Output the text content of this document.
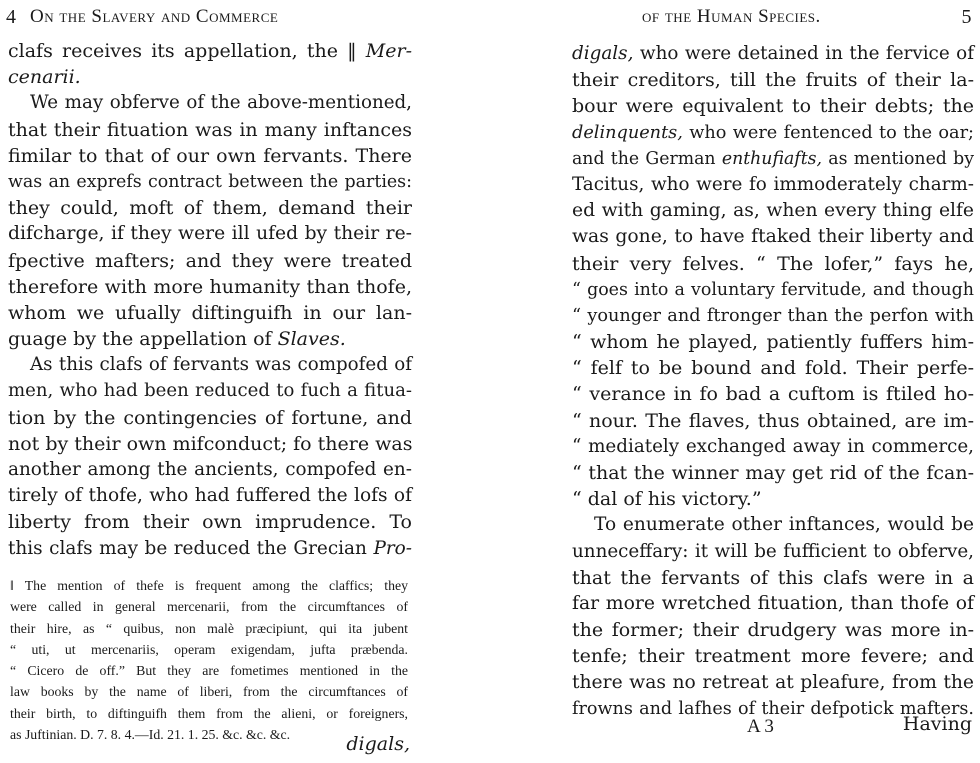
4 On the Slavery and Commerce
clafs receives its appellation, the ‖ Mer-
cenarii.
We may obferve of the above-mentioned,
that their fituation was in many inftances
fimilar to that of our own fervants. There
was an exprefs contract between the parties:
they could, moft of them, demand their
difcharge, if they were ill ufed by their re-
fpective mafters; and they were treated
therefore with more humanity than thofe,
whom we ufually diftinguifh in our lan-
guage by the appellation of Slaves.
As this clafs of fervants was compofed of
men, who had been reduced to fuch a fitua-
tion by the contingencies of fortune, and
not by their own mifconduct; fo there was
another among the ancients, compofed en-
tirely of thofe, who had fuffered the lofs of
liberty from their own imprudence. To
this clafs may be reduced the Grecian Pro-
‖ The mention of thefe is frequent among the claffics; they
were called in general mercenarii, from the circumftances of
their hire, as “ quibus, non malè præcipiunt, qui ita jubent
“ uti, ut mercenariis, operam exigendam, jufta præbenda.
“ Cicero de off.” But they are fometimes mentioned in the
law books by the name of liberi, from the circumftances of
their birth, to diftinguifh them from the alieni, or foreigners,
as Juftinian. D. 7. 8. 4.—Id. 21. 1. 25. &c. &c. &c.	digals,
of the Human Species.	5
digals, who were detained in the fervice of
their creditors, till the fruits of their la-
bour were equivalent to their debts; the
delinquents, who were fentenced to the oar;
and the German enthufiafts, as mentioned by
Tacitus, who were fo immoderately charm-
ed with gaming, as, when every thing elfe
was gone, to have ftaked their liberty and
their very felves. “ The lofer,” fays he,
“ goes into a voluntary fervitude, and though
“ younger and ftronger than the perfon with
“ whom he played, patiently fuffers him-
“ felf to be bound and fold. Their perfe-
“ verance in fo bad a cuftom is ftiled ho-
“ nour. The flaves, thus obtained, are im-
“ mediately exchanged away in commerce,
“ that the winner may get rid of the fcan-
“ dal of his victory.”
To enumerate other inftances, would be
unneceffary: it will be fufficient to obferve,
that the fervants of this clafs were in a
far more wretched fituation, than thofe of
the former; their drudgery was more in-
tenfe; their treatment more fevere; and
there was no retreat at pleafure, from the
frowns and lafhes of their defpotick mafters.
A 3	Having
